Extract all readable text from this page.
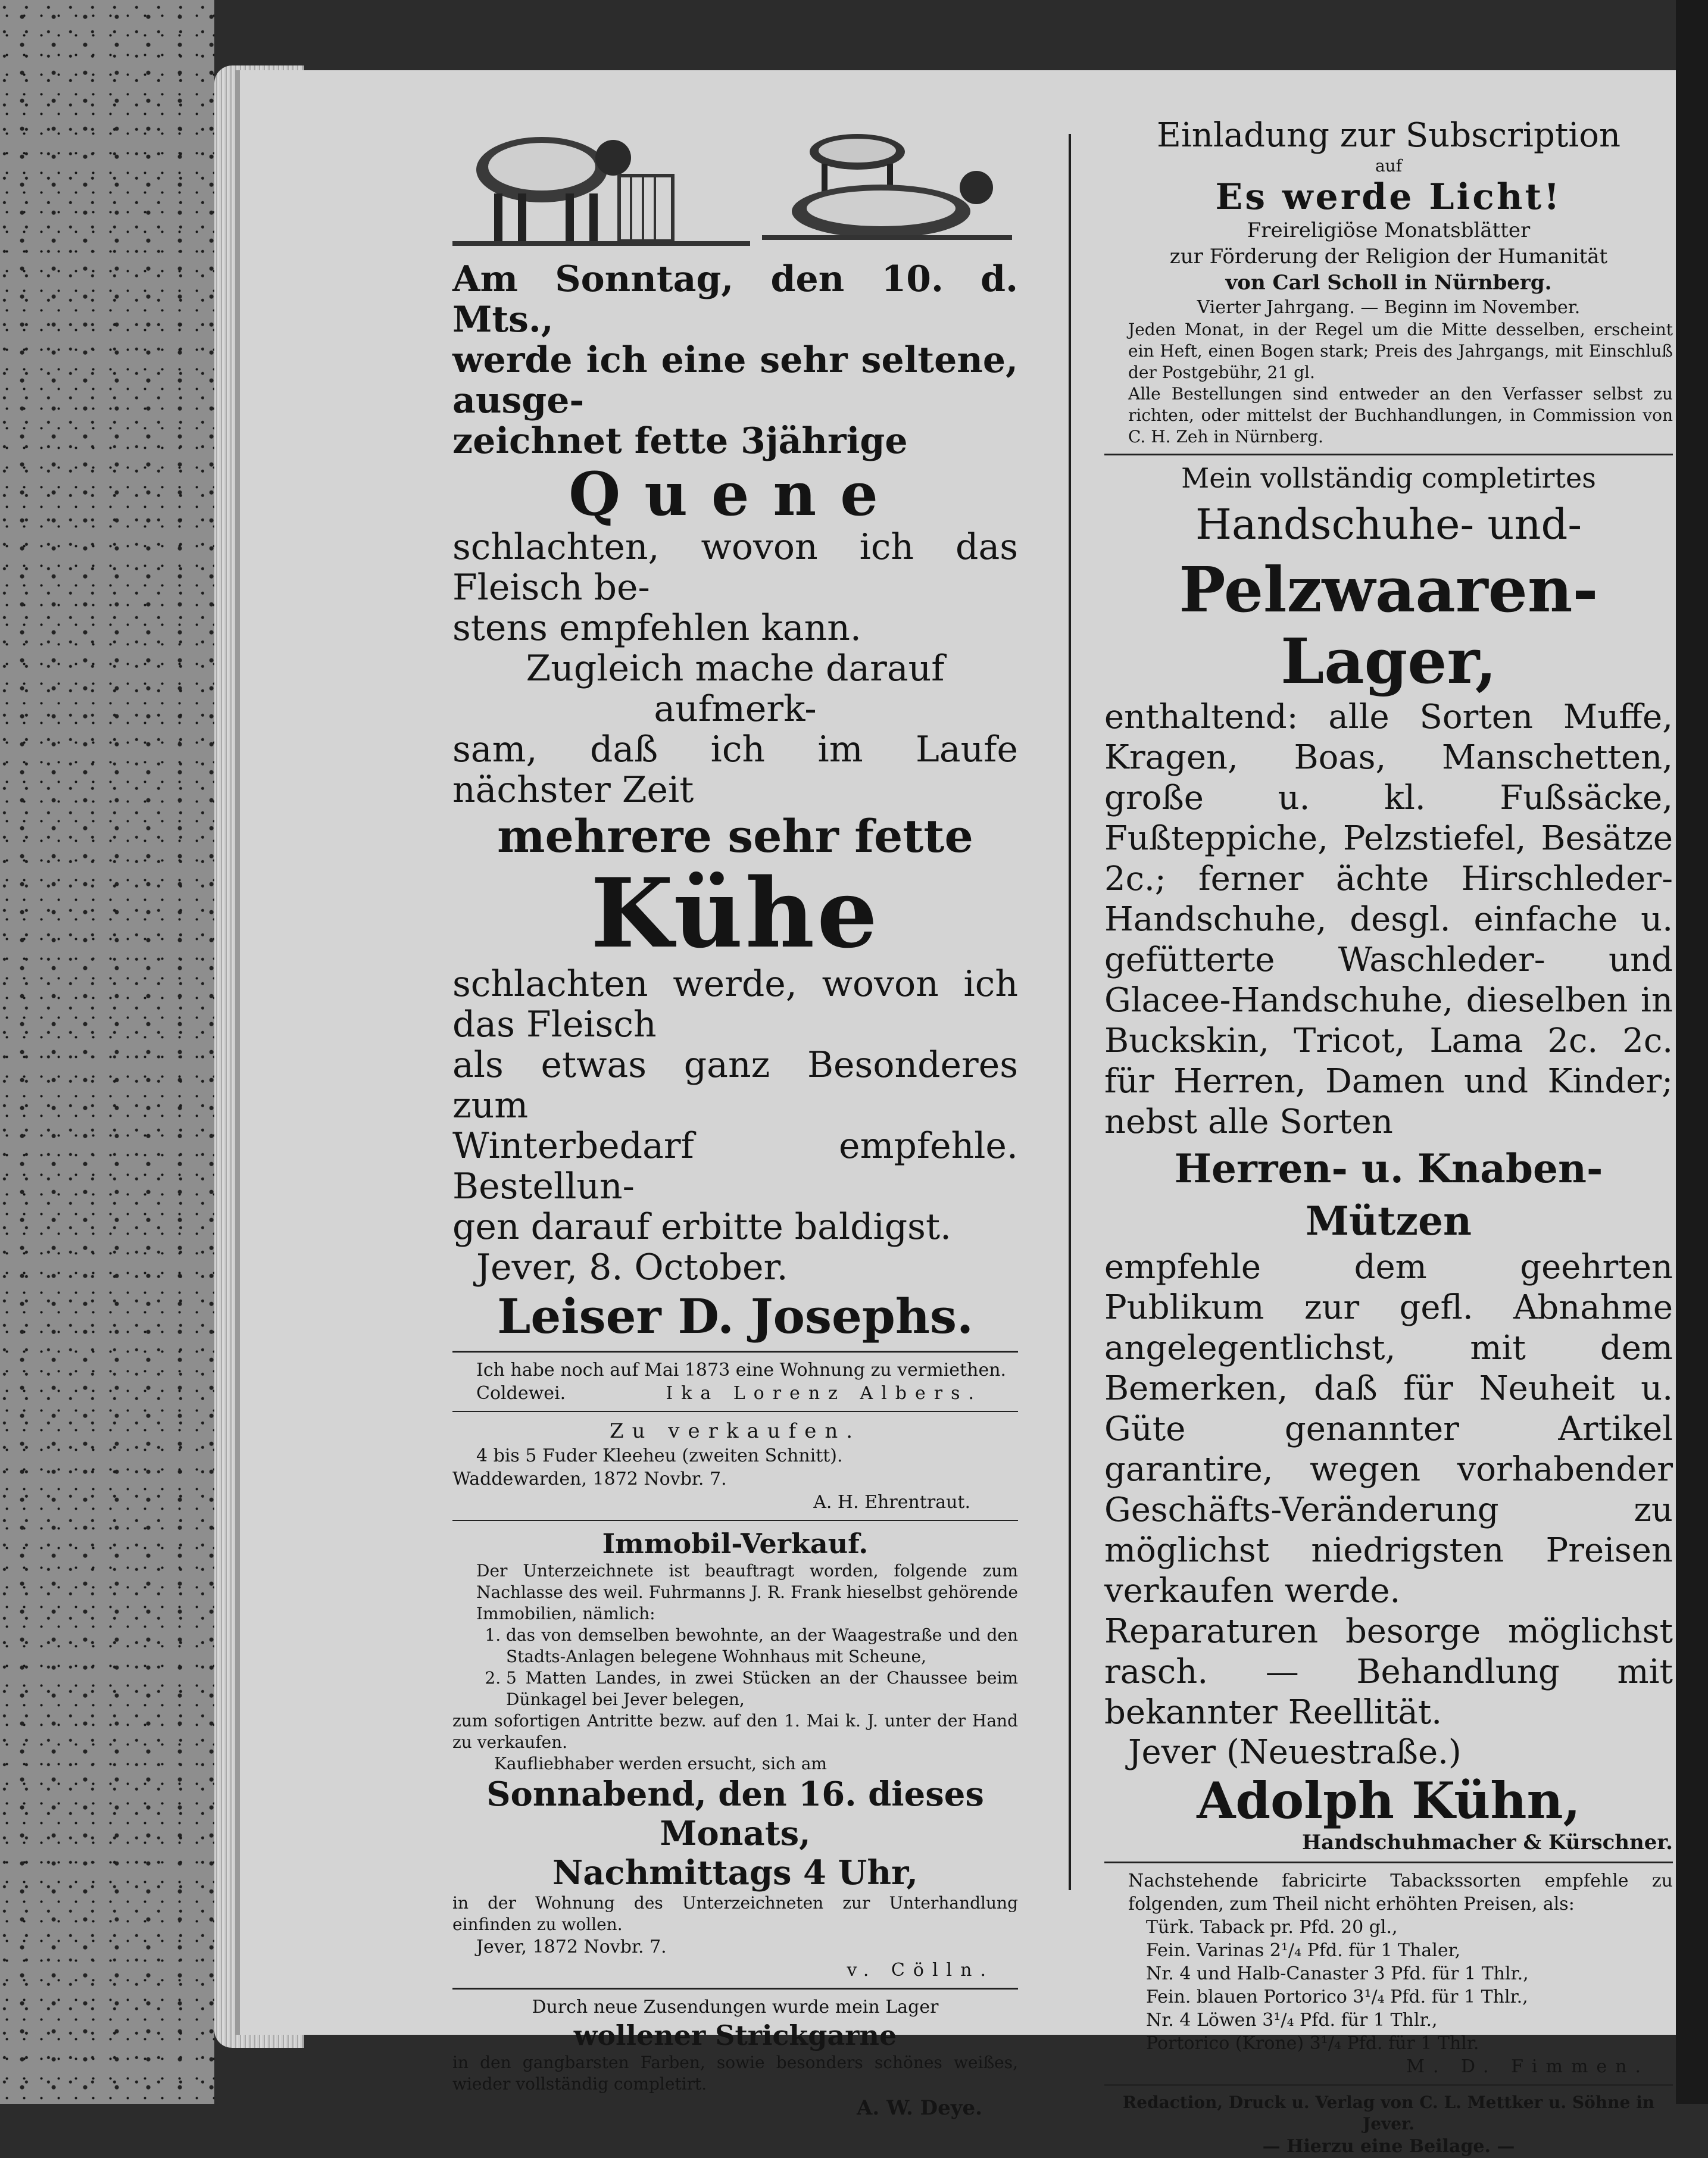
Am Sonntag, den 10. d. Mts.,

werde ich eine sehr seltene, ausge-

zeichnet fette 3jährige

Quene

schlachten, wovon ich das Fleisch be-

stens empfehlen kann.

Zugleich mache darauf aufmerk-

sam, daß ich im Laufe nächster Zeit

mehrere sehr fette

Kühe

schlachten werde, wovon ich das Fleisch

als etwas ganz Besonderes zum

Winterbedarf empfehle. Bestellun-

gen darauf erbitte baldigst.

Jever, 8. October.

Leiser D. Josephs.

Ich habe noch auf Mai 1873 eine Wohnung zu vermiethen.

Coldewei.	Ika Lorenz Albers.

Zu verkaufen.

4 bis 5 Fuder Kleeheu (zweiten Schnitt).

Waddewarden, 1872 Novbr. 7.

A. H. Ehrentraut.

Immobil-Verkauf.

Der Unterzeichnete ist beauftragt worden, folgende zum Nachlasse des weil. Fuhrmanns J. R. Frank hieselbst gehörende Immobilien, nämlich:

1. das von demselben bewohnte, an der Waagestraße und den Stadts-Anlagen belegene Wohnhaus mit Scheune,
2. 5 Matten Landes, in zwei Stücken an der Chaussee beim Dünkagel bei Jever belegen,

zum sofortigen Antritte bezw. auf den 1. Mai k. J. unter der Hand zu verkaufen.

Kaufliebhaber werden ersucht, sich am

Sonnabend, den 16. dieses Monats,

Nachmittags 4 Uhr,

in der Wohnung des Unterzeichneten zur Unterhandlung einfinden zu wollen.

Jever, 1872 Novbr. 7.

v. Cölln.

Durch neue Zusendungen wurde mein Lager

wollener Strickgarne

in den gangbarsten Farben, sowie besonders schönes weißes, wieder vollständig completirt.

A. W. Deye.

Einladung zur Subscription

auf

Es werde Licht!

Freireligiöse Monatsblätter

zur Förderung der Religion der Humanität

von Carl Scholl in Nürnberg.

Vierter Jahrgang. — Beginn im November.

Jeden Monat, in der Regel um die Mitte desselben, erscheint ein Heft, einen Bogen stark; Preis des Jahrgangs, mit Einschluß der Postgebühr, 21 gl.

Alle Bestellungen sind entweder an den Verfasser selbst zu richten, oder mittelst der Buchhandlungen, in Commission von C. H. Zeh in Nürnberg.

Mein vollständig completirtes

Handschuhe- und-

Pelzwaaren-Lager,

enthaltend: alle Sorten Muffe, Kragen, Boas, Manschetten, große u. kl. Fußsäcke, Fußteppiche, Pelzstiefel, Besätze 2c.; ferner ächte Hirschleder-Handschuhe, desgl. einfache u. gefütterte Waschleder- und Glacee-Handschuhe, dieselben in Buckskin, Tricot, Lama 2c. 2c. für Herren, Damen und Kinder; nebst alle Sorten

Herren- u. Knaben-Mützen

empfehle dem geehrten Publikum zur gefl. Abnahme angelegentlichst, mit dem Bemerken, daß für Neuheit u. Güte genannter Artikel garantire, wegen vorhabender Geschäfts-Veränderung zu möglichst niedrigsten Preisen verkaufen werde.

Reparaturen besorge möglichst rasch. — Behandlung mit bekannter Reellität.

Jever (Neuestraße.)

Adolph Kühn,

Handschuhmacher & Kürschner.

Nachstehende fabricirte Tabackssorten empfehle zu folgenden, zum Theil nicht erhöhten Preisen, als:

Türk. Taback pr. Pfd. 20 gl.,

Fein. Varinas 2¹/₄ Pfd. für 1 Thaler,

Nr. 4 und Halb-Canaster 3 Pfd. für 1 Thlr.,

Fein. blauen Portorico 3¹/₄ Pfd. für 1 Thlr.,

Nr. 4 Löwen 3¹/₄ Pfd. für 1 Thlr.,

Portorico (Krone) 3¹/₄ Pfd. für 1 Thlr.

M. D. Fimmen.

Redaction, Druck u. Verlag von C. L. Mettker u. Söhne in Jever.

— Hierzu eine Beilage. —
